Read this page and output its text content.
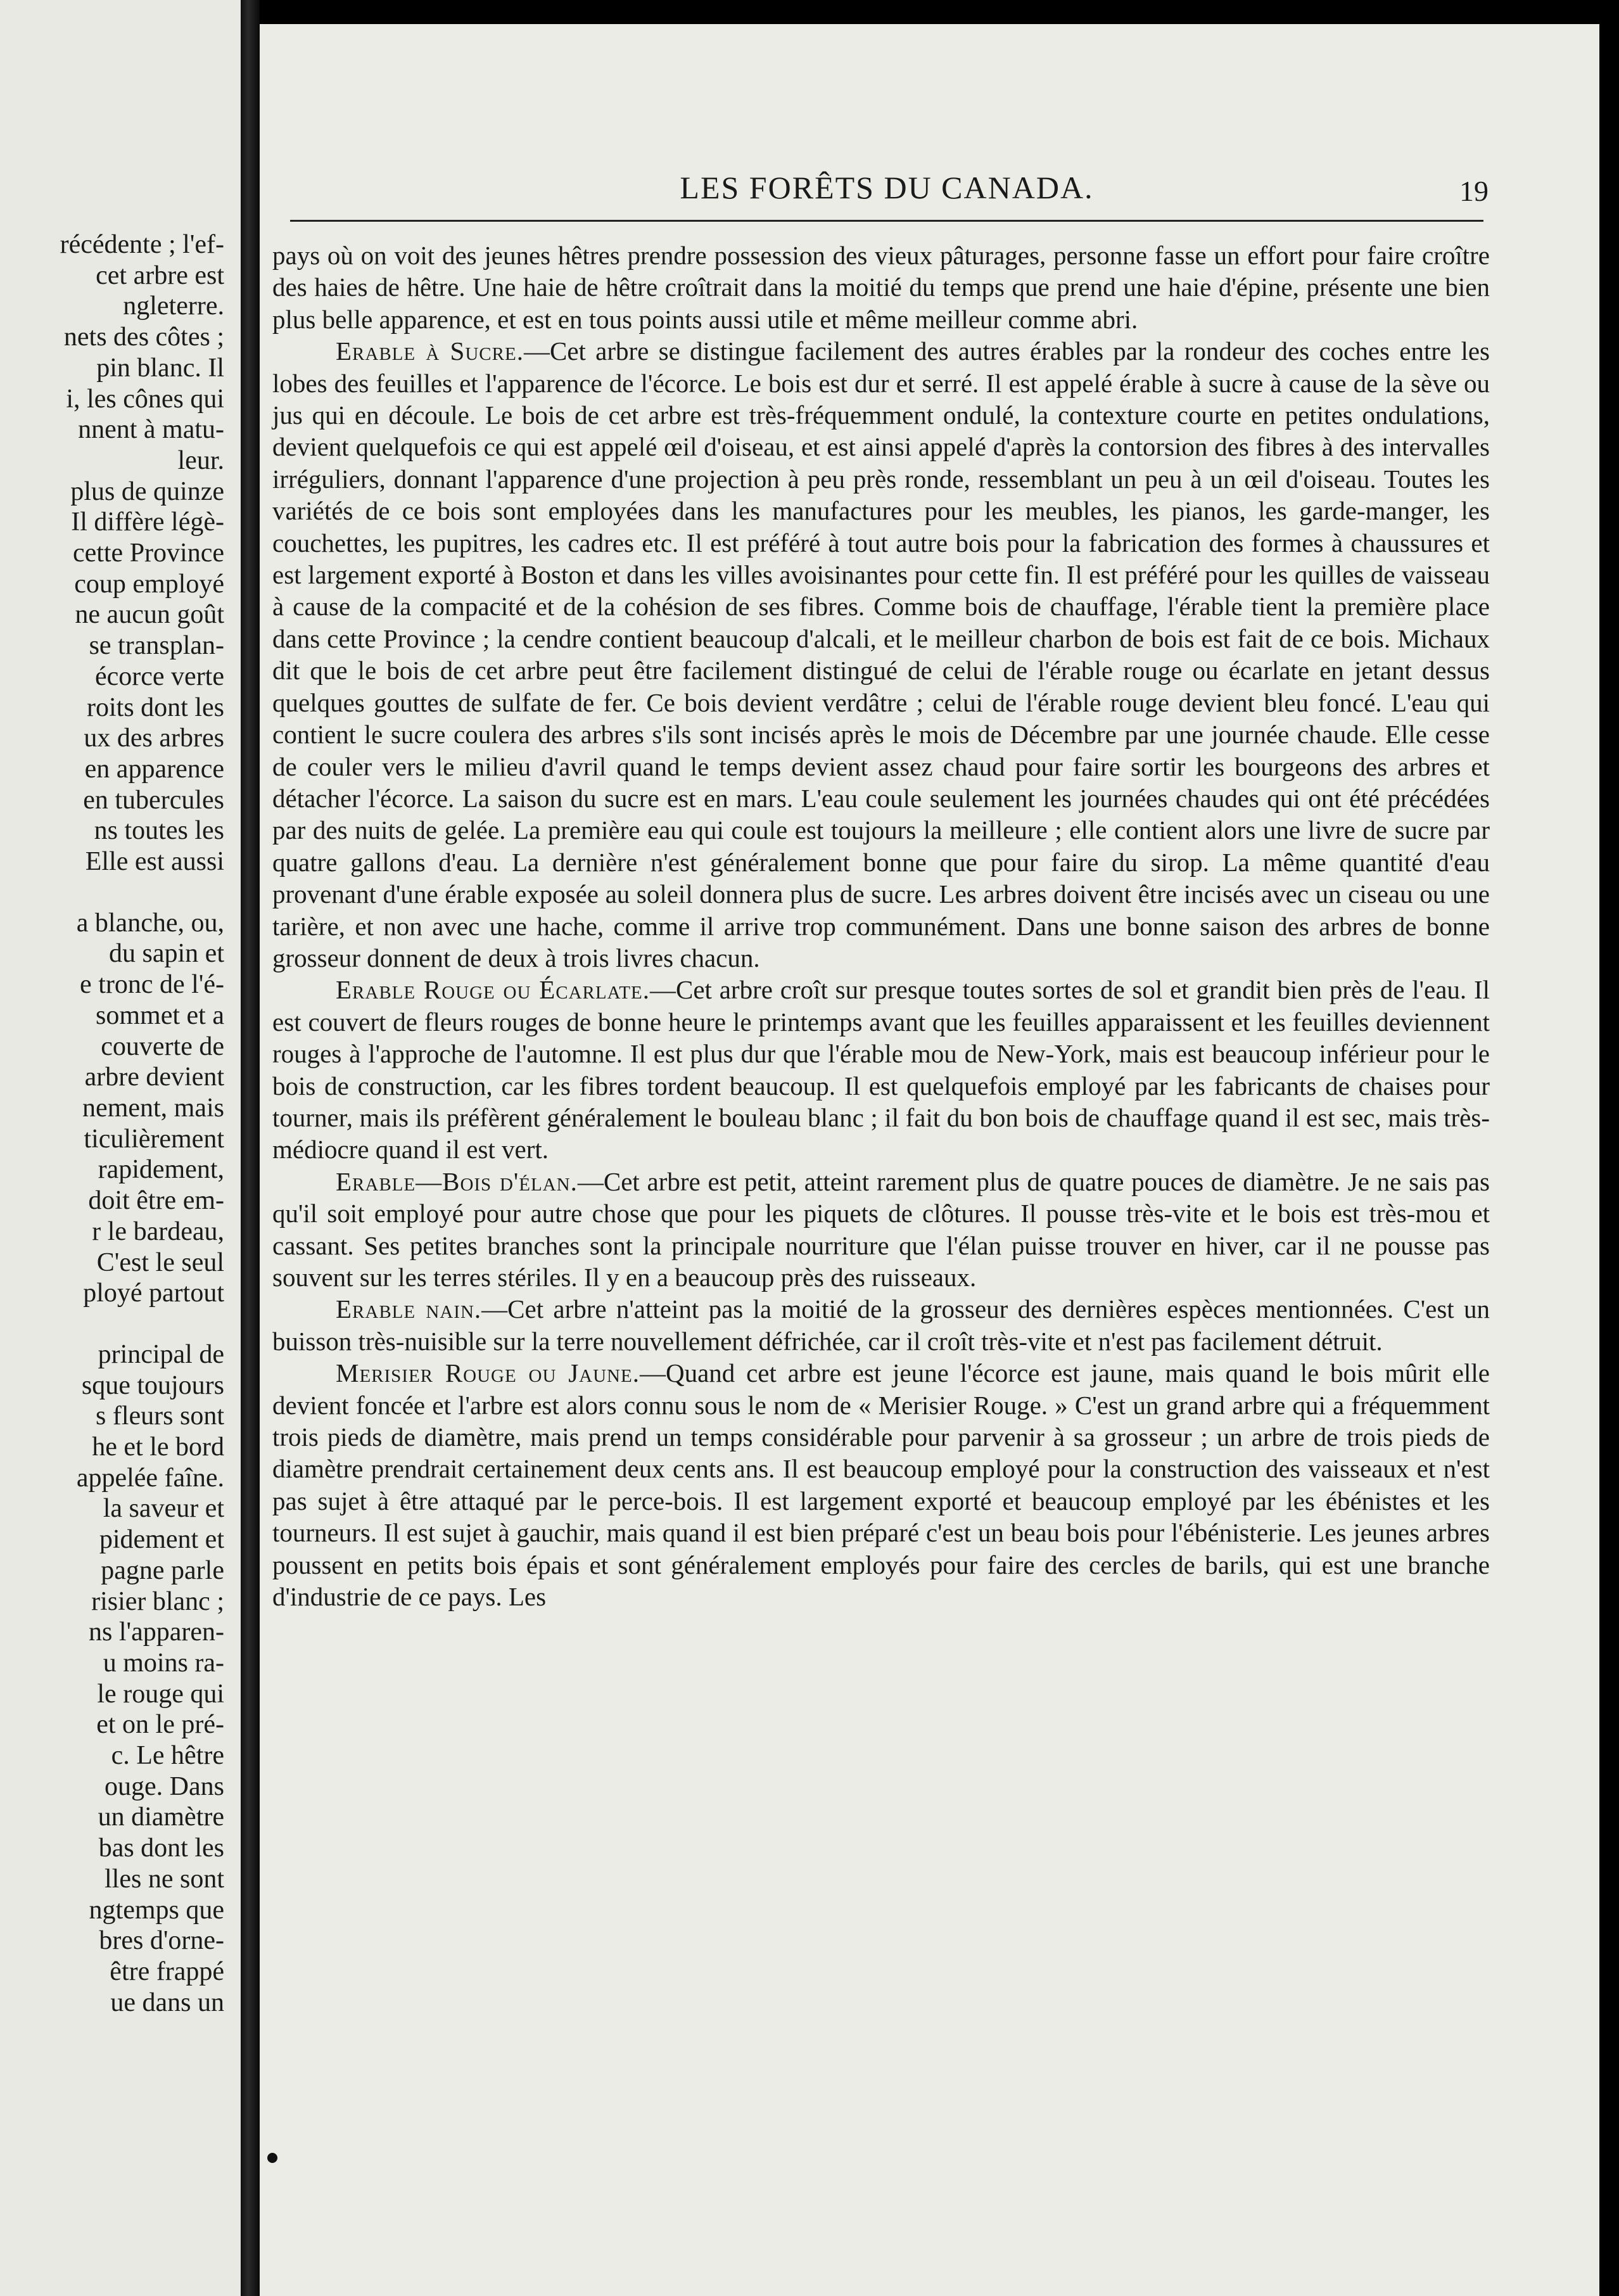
récédente ; l'ef-

cet arbre est

ngleterre.

nets des côtes ;

pin blanc. Il

i, les cônes qui

nnent à matu-

leur.

plus de quinze

Il diffère légè-

cette Province

coup employé

ne aucun goût

se transplan-

écorce verte

roits dont les

ux des arbres

en apparence

en tubercules

ns toutes les

Elle est aussi

a blanche, ou,

du sapin et

e tronc de l'é-

sommet et a

couverte de

arbre devient

nement, mais

ticulièrement

rapidement,

doit être em-

r le bardeau,

C'est le seul

ployé partout

principal de

sque toujours

s fleurs sont

he et le bord

appelée faîne.

la saveur et

pidement et

pagne parle

risier blanc ;

ns l'apparen-

u moins ra-

le rouge qui

et on le pré-

c. Le hêtre

ouge. Dans

un diamètre

bas dont les

lles ne sont

ngtemps que

bres d'orne-

être frappé

ue dans un

LES FORÊTS DU CANADA.	19

pays où on voit des jeunes hêtres prendre possession des vieux pâturages, personne fasse un effort pour faire croître des haies de hêtre. Une haie de hêtre croîtrait dans la moitié du temps que prend une haie d'épine, présente une bien plus belle apparence, et est en tous points aussi utile et même meilleur comme abri.

Erable à Sucre.—Cet arbre se distingue facilement des autres érables par la rondeur des coches entre les lobes des feuilles et l'apparence de l'écorce. Le bois est dur et serré. Il est appelé érable à sucre à cause de la sève ou jus qui en découle. Le bois de cet arbre est très-fréquemment ondulé, la contexture courte en petites ondulations, devient quelquefois ce qui est appelé œil d'oiseau, et est ainsi appelé d'après la contorsion des fibres à des intervalles irréguliers, donnant l'apparence d'une projection à peu près ronde, ressemblant un peu à un œil d'oiseau. Toutes les variétés de ce bois sont employées dans les manufactures pour les meubles, les pianos, les garde-manger, les couchettes, les pupitres, les cadres etc. Il est préféré à tout autre bois pour la fabrication des formes à chaussures et est largement exporté à Boston et dans les villes avoisinantes pour cette fin. Il est préféré pour les quilles de vaisseau à cause de la compacité et de la cohésion de ses fibres. Comme bois de chauffage, l'érable tient la première place dans cette Province ; la cendre contient beaucoup d'alcali, et le meilleur charbon de bois est fait de ce bois. Michaux dit que le bois de cet arbre peut être facilement distingué de celui de l'érable rouge ou écarlate en jetant dessus quelques gouttes de sulfate de fer. Ce bois devient verdâtre ; celui de l'érable rouge devient bleu foncé. L'eau qui contient le sucre coulera des arbres s'ils sont incisés après le mois de Décembre par une journée chaude. Elle cesse de couler vers le milieu d'avril quand le temps devient assez chaud pour faire sortir les bourgeons des arbres et détacher l'écorce. La saison du sucre est en mars. L'eau coule seulement les journées chaudes qui ont été précédées par des nuits de gelée. La première eau qui coule est toujours la meilleure ; elle contient alors une livre de sucre par quatre gallons d'eau. La dernière n'est généralement bonne que pour faire du sirop. La même quantité d'eau provenant d'une érable exposée au soleil donnera plus de sucre. Les arbres doivent être incisés avec un ciseau ou une tarière, et non avec une hache, comme il arrive trop communément. Dans une bonne saison des arbres de bonne grosseur donnent de deux à trois livres chacun.

Erable Rouge ou Écarlate.—Cet arbre croît sur presque toutes sortes de sol et grandit bien près de l'eau. Il est couvert de fleurs rouges de bonne heure le printemps avant que les feuilles apparaissent et les feuilles deviennent rouges à l'approche de l'automne. Il est plus dur que l'érable mou de New-York, mais est beaucoup inférieur pour le bois de construction, car les fibres tordent beaucoup. Il est quelquefois employé par les fabricants de chaises pour tourner, mais ils préfèrent généralement le bouleau blanc ; il fait du bon bois de chauffage quand il est sec, mais très-médiocre quand il est vert.

Erable—Bois d'élan.—Cet arbre est petit, atteint rarement plus de quatre pouces de diamètre. Je ne sais pas qu'il soit employé pour autre chose que pour les piquets de clôtures. Il pousse très-vite et le bois est très-mou et cassant. Ses petites branches sont la principale nourriture que l'élan puisse trouver en hiver, car il ne pousse pas souvent sur les terres stériles. Il y en a beaucoup près des ruisseaux.

Erable nain.—Cet arbre n'atteint pas la moitié de la grosseur des dernières espèces mentionnées. C'est un buisson très-nuisible sur la terre nouvellement défrichée, car il croît très-vite et n'est pas facilement détruit.

Merisier Rouge ou Jaune.—Quand cet arbre est jeune l'écorce est jaune, mais quand le bois mûrit elle devient foncée et l'arbre est alors connu sous le nom de « Merisier Rouge. » C'est un grand arbre qui a fréquemment trois pieds de diamètre, mais prend un temps considérable pour parvenir à sa grosseur ; un arbre de trois pieds de diamètre prendrait certainement deux cents ans. Il est beaucoup employé pour la construction des vaisseaux et n'est pas sujet à être attaqué par le perce-bois. Il est largement exporté et beaucoup employé par les ébénistes et les tourneurs. Il est sujet à gauchir, mais quand il est bien préparé c'est un beau bois pour l'ébénisterie. Les jeunes arbres poussent en petits bois épais et sont généralement employés pour faire des cercles de barils, qui est une branche d'industrie de ce pays. Les
